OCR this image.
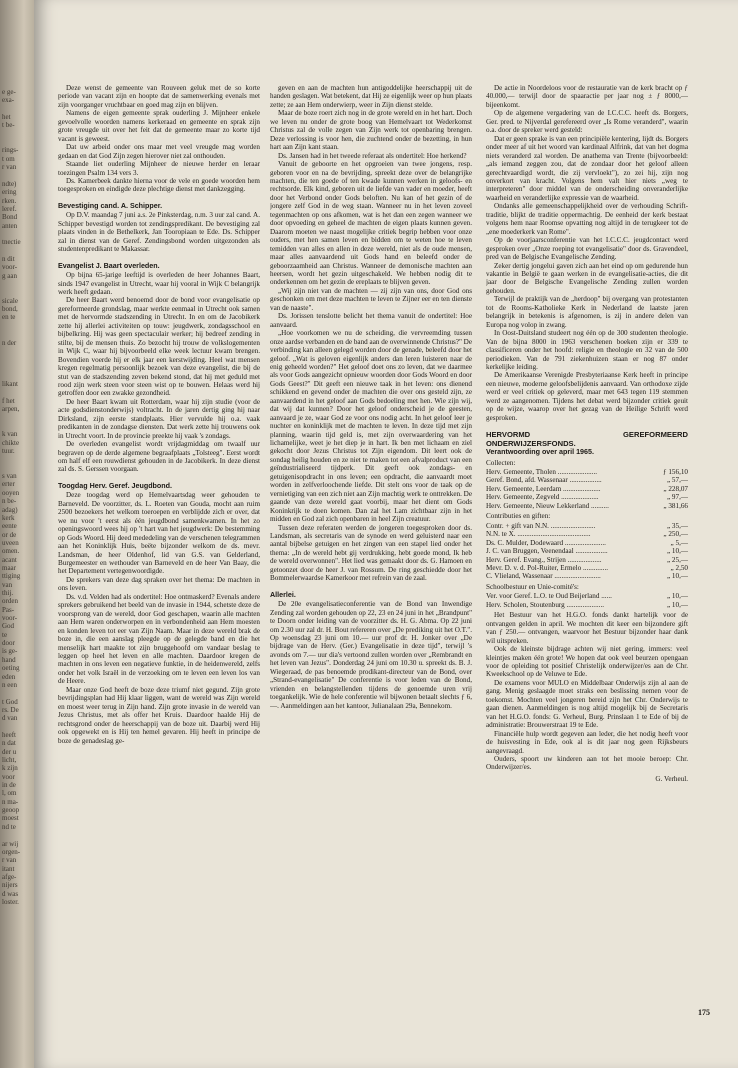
e ge-
exa-
het
t be-
rings-
t om
r van
ndte)
ering
rken.
leref.
Bond
anten
tnectie
n dit
voor-
g aan
sicale
bond,
en te
n der
likant
f het
arpen,
k van
chikte
tuur.
s van
erter
ooyen
n be-
adag)
kerk
eente
or de
uveen
omen.
acant
maar
ttiging
van
thij.
orden
Pas-
voor-
God
te
door
is ge-
hand
oeting
eden
n een
t God
rs. De
d van
heeft
n dat
der u
licht,
k zijn
voor
in de
l, om
n ma-
geoop
moest
nd te
ar wij
orgen-
r van
itant
afge-
nijers
d was
loster.

Deze wenst de gemeente van Rouveen geluk met de so korte periode van vacant zijn en hoopte dat de samenwerking evenals met zijn voorganger vruchtbaar en goed mag zijn en blijven.

Namens de eigen gemeente sprak ouderling J. Mijnheer enkele gevoelvolle woorden namens kerkeraad en gemeente en sprak zijn grote vreugde uit over het feit dat de gemeente maar zo korte tijd vacant is geweest.

Dat uw arbeid onder ons maar met veel vreugde mag worden gedaan en dat God Zijn zegen hierover niet zal onthouden.

Staande liet ouderling Mijnheer de nieuwe herder en leraar toezingen Psalm 134 vers 3.

Ds. Kamerbeek dankte hierna voor de vele en goede woorden hem toegesproken en eindigde deze plechtige dienst met dankzegging.

Bevestiging cand. A. Schipper.

Op D.V. maandag 7 juni a.s. 2e Pinksterdag, n.m. 3 uur zal cand. A. Schipper bevestigd worden tot zendingspredikant. De bevestiging zal plaats vinden in de Bethelkerk, Jan Tooropiaan te Ede. Ds. Schipper zal in dienst van de Geref. Zendingsbond worden uitgezonden als studentenpredikant te Makassar.

Evangelist J. Baart overleden.

Op bijna 65-jarige leeftijd is overleden de heer Johannes Baart, sinds 1947 evangelist in Utrecht, waar hij vooral in Wijk C belangrijk werk heeft gedaan.

De heer Baart werd benoemd door de bond voor evangelisatie op gereformeerde grondslag, maar werkte eenmaal in Utrecht ook samen met de hervormde stadszending in Utrecht. In en om de Jacobikerk zette hij allerlei activiteiten op touw: jeugdwerk, zondagsschool en bijbelkring. Hij was geen spectaculair werker; hij bedreef zending in stilte, bij de mensen thuis. Zo bezocht hij trouw de volkslogementen in Wijk C, waar hij bijvoorbeeld elke week lectuur kwam brengen. Bovendien voerde hij er elk jaar een kerstwijding. Heel wat mensen kregen regelmatig persoonlijk bezoek van deze evangelist, die bij de stut van de stadszending zeven bekend stond, dat hij met geduld met rood zijn werk steen voor steen wist op te bouwen. Helaas werd hij getroffen door een zwakke gezondheid.

De heer Baart kwam uit Rotterdam, waar hij zijn studie (voor de acte godsdienstonderwijs) voltracht. In de jaren dertig ging hij naar Dirksland, zijn eerste standplaats. Hier vervulde hij o.a. vaak predikanten in de zondagse diensten. Dat werk zette hij trouwens ook in Utrecht voort. In de provincie preekte hij vaak 's zondags.

De overleden evangelist wordt vrijdagmiddag om twaalf uur begraven op de derde algemene begraafplaats „Tolsteeg". Eerst wordt om half elf een rouwdienst gehouden in de Jacobikerk. In deze dienst zal ds. S. Gerssen voorgaan.

Toogdag Herv. Geref. Jeugdbond.

Deze toogdag werd op Hemelvaartsdag weer gehouden te Barneveld. De voorzitter, ds. L. Roeten van Gouda, mocht aan ruim 2500 bezoekers het welkom toeroepen en verblijdde zich er over, dat we nu voor 't eerst als één jeugdbond samenkwamen. In het zo openingswoord wees hij op 't hart van het jeugdwerk: De bestemming op Gods Woord. Hij deed mededeling van de verschenen telegrammen aan het Koninklijk Huis, beëte bijzonder welkom de ds. mevr. Landsman, de heer Oldenhof, lid van G.S. van Gelderland, Burgemeester en wethouder van Barneveld en de heer Van Baay, die het Departement vertegenwoordigde.

De sprekers van deze dag spraken over het thema: De machten in ons leven.

Ds. v.d. Velden had als ondertitel: Hoe ontmaskerd? Evenals andere sprekers gebruikend het beeld van de invasie in 1944, schetste deze de voorsprong van de wereld, door God geschapen, waarin alle machten aan Hem waren onderworpen en in verbondenheid aan Hem moesten en konden leven tot eer van Zijn Naam. Maar in deze wereld brak de boze in, die een aanslag pleegde op de gelegde band en die het menselijk hart maakte tot zijn bruggehoofd om vandaar beslag te leggen op heel het leven en alle machten. Daardoor kregen de machten in ons leven een negatieve funktie, in de heidenwereld, zelfs onder het volk Israël in de verzoeking om te leven een leven los van de Heere.

Maar onze God heeft de boze deze triumf niet gegund. Zijn grote bevrijdingsplan had Hij klaar liggen, want de wereld was Zijn wereld en moest weer terug in Zijn hand. Zijn grote invasie in de wereld van Jezus Christus, met als offer het Kruis. Daardoor haalde Hij de rechtsgrond onder de heerschappij van de boze uit. Daarbij werd Hij ook opgewekt en is Hij ten hemel gevaren. Hij heeft in principe de boze de genadeslag ge-

geven en aan de machten hun antigoddelijke heerschappij uit de handen geslagen. Wat betekent, dat Hij ze eigenlijk weer op hun plaats zette; ze aan Hem onderwierp, weer in Zijn dienst stelde.

Maar de boze roert zich nog in de grote wereld en in het hart. Doch we leven nu onder de grote boog van Hemelvaart tot Wederkomst Christus zal de volle zegen van Zijn werk tot openbaring brengen. Deze verlossing is voor hen, die zuchtend onder de bezetting, in hun hart aan Zijn kant staan.

Ds. Jansen had in het tweede referaat als ondertitel: Hoe herkend?

Vanuit de geboorte en het opgroeien van twee jongens, resp. geboren voor en na de bevrijding, spreekt deze over de belangrijke machten, die ten goede of ten kwade kunnen werken in geloofs- en rechtsorde. Elk kind, geboren uit de liefde van vader en moeder, heeft door het Verbond onder Gods beloften. Nu kan of het gezin of de jongere zelf God in de weg staan. Wanneer nu in het leven zoveel tegenmachten op ons afkomen, wat is het dan een zegen wanneer we door opvoeding en geheel de machten de eigen plaats kunnen geven. Daarom moeten we naast mogelijke critiek begrip hebben voor onze ouders, met hen samen leven en bidden om te weten hoe te leven temidden van alles en allen in deze wereld, niet als de oude mensen, maar alles aanvaardend uit Gods hand en beleefd onder de geboorzaamheid aan Christus. Wanneer de demonische machten aan heersen, wordt het gezin uitgeschakeld. We hebben nodig dit te onderkennen om het gezin de ereplaats te blijven geven.

„Wij zijn niet van de machten — zij zijn van ons, door God ons geschonken om met deze machten te leven te Zijner eer en ten dienste van de naaste".

Ds. Jorissen tenslotte belicht het thema vanuit de ondertitel: Hoe aanvaard.

„Hoe voorkomen we nu de scheiding, die vervreemding tussen onze aardse verbanden en de band aan de overwinnende Christus?" De verbinding kan alleen gelegd worden door de genade, beleefd door het geloof. „Wat is geloven eigenlijk anders dan leren luisteren naar de enig geheeld worden?" Het geloof doet ons zo leven, dat we daarmee als voor Gods aangezicht opnieuw woorden door Gods Woord en door Gods Geest?" Dit geeft een nieuwe taak in het leven: ons dienend schikkend en gevend onder de machten die over ons gesteld zijn, ze aanvaardend in het geloof aan Gods bedoeling met hen. Wie zijn wij, dat wij dat kunnen? Door het geloof onderscheid je de geesten, aanvaard je ze, waar God ze voor ons nodig acht. In het geloof leer je nuchter en koninklijk met de machten te leven. In deze tijd met zijn planning, waarin tijd geld is, met zijn overwaardering van het lichamelijke, weet je het diep je in hart. Ik ben met lichaam en ziel gekocht door Jezus Christus tot Zijn eigendom. Dit leert ook de sondag heilig houden en ze niet te maken tot een afvalproduct van een geïndustrialiseerd tijdperk. Dit geeft ook zondags- en getuigenisopdracht in ons leven; een opdracht, die aanvaardt moet worden in zelfverloochende liefde. Dit stelt ons voor de taak op de vernietiging van een zich niet aan Zijn machtig werk te onttrekken. De gaande van deze wereld gaat voorbij, maar het dient om Gods Koninkrijk te doen komen. Dan zal het Lam zichtbaar zijn in het midden en God zal zich openbaren in heel Zijn creatuur.

Tussen deze referaten werden de jongeren toegesproken door ds. Landsman, als secretaris van de synode en werd geluisterd naar een aantal bijbelse getuigen en het zingen van een stapel lied onder het thema: „In de wereld hebt gij verdrukking, hebt goede mond, Ik heb de wereld overwonnen". Het lied was gemaakt door ds. G. Hamoen en getoonzet door de heer J. van Rossum. De ring geschiedde door het Bommelerwaardse Kamerkoor met refrein van de zaal.

Allerlei.

De 20e evangelisatieconferentie van de Bond van Inwendige Zending zal worden gehouden op 22, 23 en 24 juni in het „Brandpunt" te Doorn onder leiding van de voorzitter ds. H. G. Abma. Op 22 juni om 2.30 uur zal dr. H. Bout refereren over „De prediking uit het O.T.". Op woensdag 23 juni om 10.— uur prof dr. H. Jonker over „De bijdrage van de Herv. (Ger.) Evangelisatie in deze tijd", terwijl 's avonds om 7.— uur dia's vertoond zullen worden over „Rembrandt en het leven van Jezus". Donderdag 24 juni om 10.30 u. spreekt ds. B. J. Wiegeraad, de pas benoemde prodikant-directeur van de Bond, over „Strand-evangelisatie" De conferentie is voor leden van de Bond, vrienden en belangstellenden tijdens de genoemde uren vrij toegankelijk. Wie de hele conferentie wil bijwonen betaalt slechts ƒ 6,—. Aanmeldingen aan het kantoor, Julianalaan 29a, Bennekom.

De actie in Noordeloos voor de restauratie van de kerk bracht op ƒ 40.000,— terwijl door de spaaractie per jaar nog ± ƒ 8000,— bijeenkomt.

Op de algemene vergadering van de I.C.C.C. heeft ds. Borgers, Ger. pred. te Nijverdal gerefereerd over „Is Rome veranderd", waarin o.a. door de spreker werd gesteld:

Dat er geen sprake is van een principiële kentering, lijdt ds. Borgers onder meer af uit het woord van kardinaal Alfrink, dat van het dogma niets veranderd zal worden. De anathema van Trente (bijvoorbeeld: „als iemand zeggen zou, dat de zondaar door het geloof alleen gerechtvaardigd wordt, die zij vervloekt"), zo zei hij, zijn nog onverkort van kracht. Volgens hem valt hier niets „weg te interpreteren" door middel van de onderscheiding onveranderlijke waarheid en veranderlijke expressie van de waarheid.

Ondanks alle gemeenschappelijkheid over de verhouding Schrift-traditie, blijkt de traditie oppermachtig. De eenheid der kerk bestaat volgens hem naar Roomse opvatting nog altijd in de terugkeer tot de „ene moederkerk van Rome".

Op de voorjaarsconferentie van het I.C.C.C. jeugdcontact werd gesproken over „Onze roeping tot evangelisatie" door ds. Gravendeel, pred van de Belgische Evangelische Zending.

Zeker dertig jongelui gaven zich aan het eind op om gedurende hun vakantie in België te gaan werken in de evangelisatie-acties, die dit jaar door de Belgische Evangelische Zending zullen worden gehouden.

Terwijl de praktijk van de „herdoop" bij overgang van protestanten tot de Rooms-Katholieke Kerk in Nederland de laatste jaren belangrijk in betekenis is afgenomen, is zij in andere delen van Europa nog volop in zwang.

In Oost-Duitsland studeert nog één op de 300 studenten theologie. Van de bijna 8000 in 1963 verschenen boeken zijn er 339 te classificeren onder het hoofd: religie en theologie en 32 van de 500 periodieken. Van de 791 ziekenhuizen staan er nog 87 onder kerkelijke leiding.

De Amerikaanse Verenigde Presbyteriaanse Kerk heeft in principe een nieuwe, moderne geloofsbelijdenis aanvaard. Van orthodoxe zijde werd er veel critiek op geleverd, maar met 643 tegen 119 stemmen werd ze aangenomen. Tijdens het debat werd bijzonder critiek geuit op de wijze, waarop over het gezag van de Heilige Schrift werd gesproken.

HERVORMD GEREFORMEERD ONDERWIJZERSFONDS.
Verantwoording over april 1965.
Collecten:
Herv. Gemeente, Tholen ......................	ƒ 156,10
Geref. Bond, afd. Wassenaar ..................	„ 57,—
Herv. Gemeente, Leerdam .....................	„ 228,07
Herv. Gemeente, Zegveld .....................	„ 97,—
Herv. Gemeente, Nieuw Lekkerland ..........	„ 381,66
Contributies en giften:
Contr. + gift van N.N. .........................	„ 35,—
N.N. te X. .........................................	„ 250,—
Ds. C. Mulder, Dodewaard .......................	„ 5,—
J. C. van Bruggen, Veenendaal ..................	„ 10,—
Herv. Geref. Evang., Strijen ...................	„ 25,—
Mevr. D. v. d. Pol-Ruiter, Ermelo ..............	„ 2,50
C. Vlieland, Wassenaar ..........................	„ 10,—
Schoolbestuur en Unie-comité's:
Ver. voor Geref. L.O. te Oud Beijerland ......	„ 10,—
Herv. Scholen, Stoutenburg .....................	„ 10,—

Het Bestuur van het H.G.O. fonds dankt hartelijk voor de ontvangen gelden in april. We mochten dit keer een bijzondere gift van ƒ 250.— ontvangen, waarvoor het Bestuur bijzonder haar dank wil uitspreken.

Ook de kleinste bijdrage achten wij niet gering, immers: veel kleintjes maken één grote! We hopen dat ook veel beurzen opengaan voor de opleiding tot positief Christelijk onderwijzer/es aan de Chr. Kweekschool op de Veluwe te Ede.

De examens voor MULO en Middelbaar Onderwijs zijn al aan de gang. Menig geslaagde moet straks een beslissing nemen voor de toekomst. Mochten veel jongeren bereid zijn het Chr. Onderwijs te gaan dienen. Aanmeldingen is nog altijd mogelijk bij de Secretaris van het H.G.O. fonds: G. Verheul, Burg. Prinslaan 1 te Ede of bij de administratie: Brouwerstraat 19 te Ede.

Financiële hulp wordt gegeven aan leder, die het nodig heeft voor de huisvesting in Ede, ook al is dit jaar nog geen Rijksbeurs aangevraagd.

Ouders, spoort uw kinderen aan tot het mooie beroep: Chr. Onderwijzer/es.

G. Verheul.
175
